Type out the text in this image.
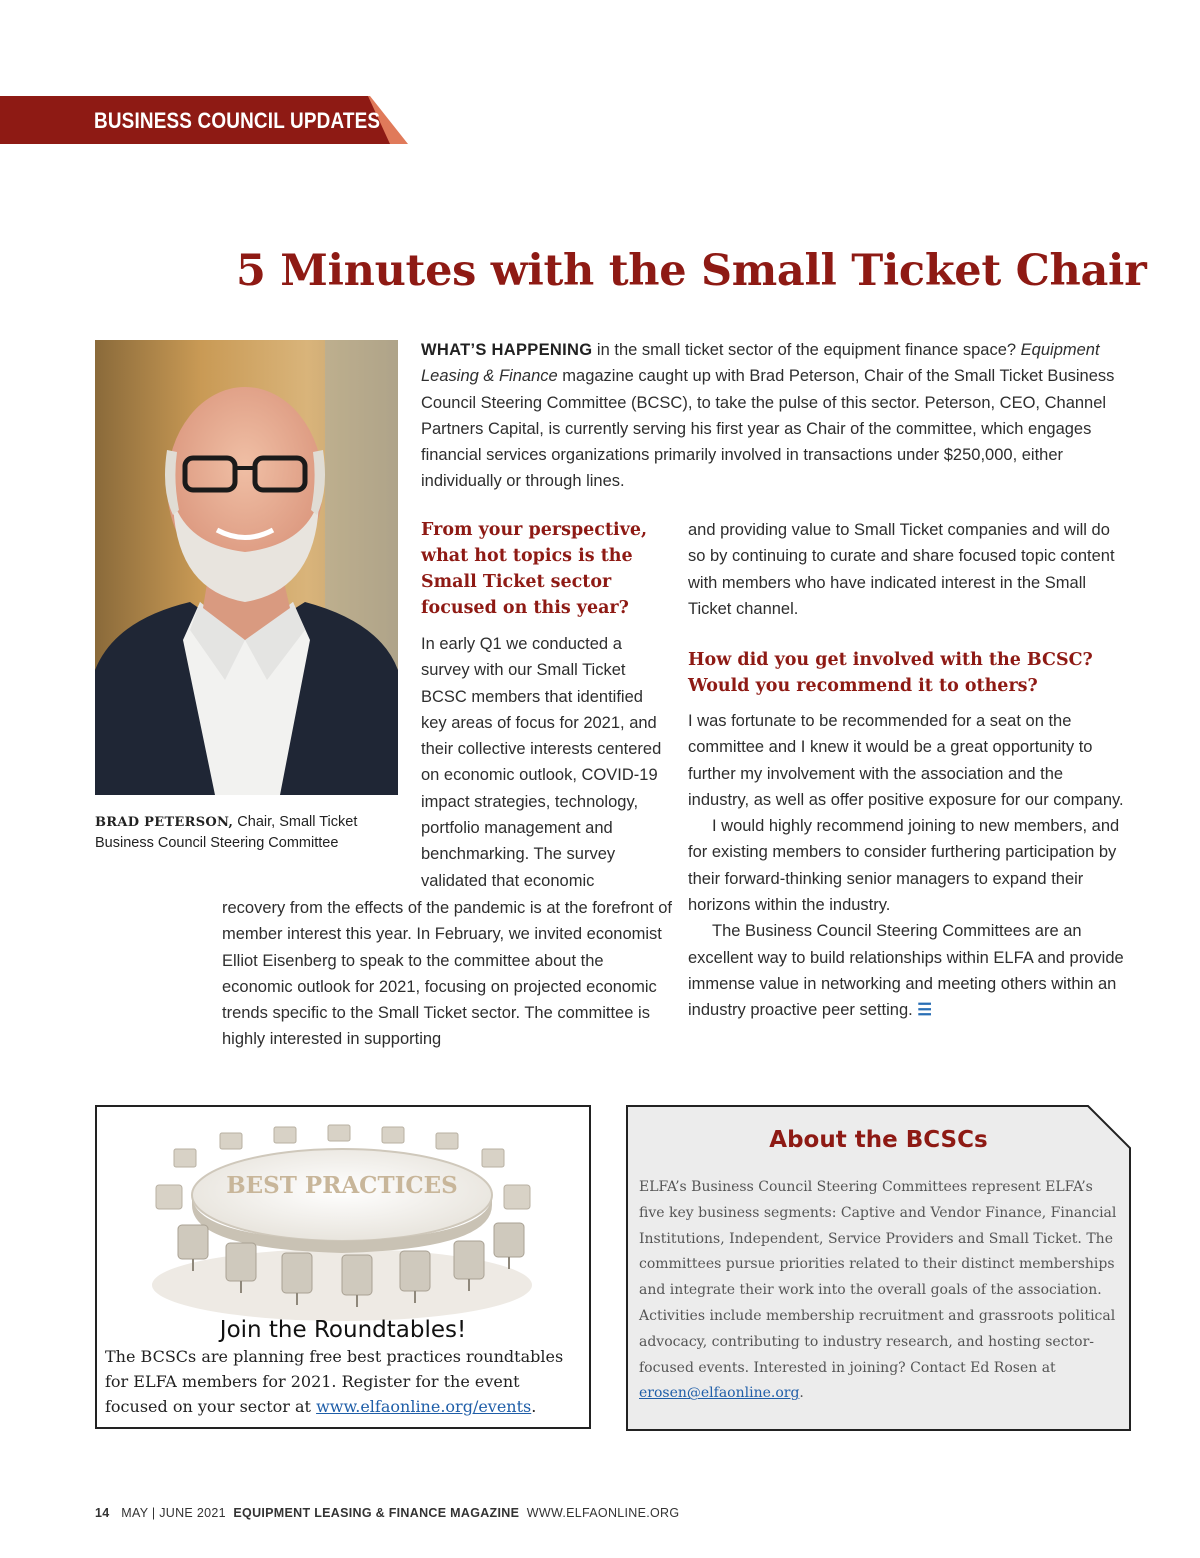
BUSINESS COUNCIL UPDATES
5 Minutes with the Small Ticket Chair
BRAD PETERSON, Chair, Small Ticket Business Council Steering Committee
WHAT’S HAPPENING in the small ticket sector of the equipment finance space? Equipment Leasing & Finance magazine caught up with Brad Peterson, Chair of the Small Ticket Business Council Steering Committee (BCSC), to take the pulse of this sector. Peterson, CEO, Channel Partners Capital, is currently serving his first year as Chair of the committee, which engages financial services organizations primarily involved in transactions under $250,000, either individually or through lines.
From your perspective, what hot topics is the Small Ticket sector focused on this year?
In early Q1 we conducted a survey with our Small Ticket BCSC members that identified key areas of focus for 2021, and their collective interests centered on economic outlook, COVID-19 impact strategies, technology, portfolio management and benchmarking. The survey validated that economic
recovery from the effects of the pandemic is at the forefront of member interest this year. In February, we invited economist Elliot Eisenberg to speak to the committee about the economic outlook for 2021, focusing on projected economic trends specific to the Small Ticket sector. The committee is highly interested in supporting
and providing value to Small Ticket companies and will do so by continuing to curate and share focused topic content with members who have indicated interest in the Small Ticket channel.
How did you get involved with the BCSC? Would you recommend it to others?

I was fortunate to be recommended for a seat on the committee and I knew it would be a great opportunity to further my involvement with the association and the industry, as well as offer positive exposure for our company.

I would highly recommend joining to new members, and for existing members to consider furthering participation by their forward-thinking senior managers to expand their horizons within the industry.

The Business Council Steering Committees are an excellent way to build relationships within ELFA and provide immense value in networking and meeting others within an industry proactive peer setting. ☰

BEST PRACTICES
Join the Roundtables!
The BCSCs are planning free best practices roundtables for ELFA members for 2021. Register for the event focused on your sector at www.elfaonline.org/events.
About the BCSCs
ELFA’s Business Council Steering Committees represent ELFA’s five key business segments: Captive and Vendor Finance, Financial Institutions, Independent, Service Providers and Small Ticket. The committees pursue priorities related to their distinct memberships and integrate their work into the overall goals of the association. Activities include membership recruitment and grassroots political advocacy, contributing to industry research, and hosting sector-focused events. Interested in joining? Contact Ed Rosen at erosen@elfaonline.org.
14 MAY | JUNE 2021 EQUIPMENT LEASING & FINANCE MAGAZINE WWW.ELFAONLINE.ORG
